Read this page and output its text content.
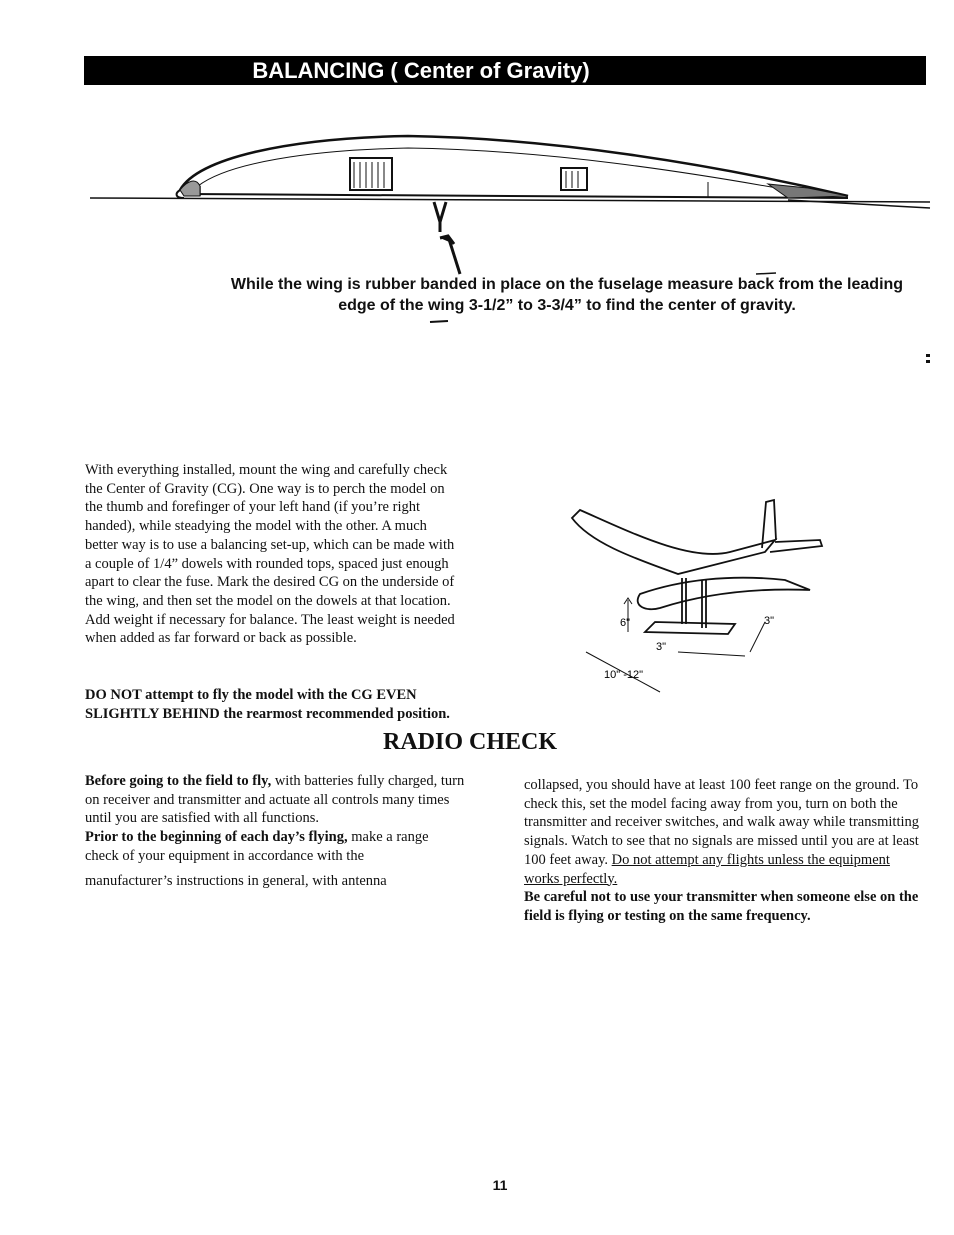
BALANCING ( Center of Gravity)
While the wing is rubber banded in place on the fuselage measure back from the leading edge of the wing 3-1/2” to 3-3/4” to find the center of gravity.
With everything installed, mount the wing and carefully check the Center of Gravity (CG). One way is to perch the model on the thumb and forefinger of your left hand (if you’re right handed), while steadying the model with the other. A much better way is to use a balancing set-up, which can be made with a couple of 1/4” dowels with rounded tops, spaced just enough apart to clear the fuse. Mark the desired CG on the underside of the wing, and then set the model on the dowels at that location. Add weight if necessary for balance. The least weight is needed when added as far forward or back as possible.
DO NOT attempt to fly the model with the CG EVEN SLIGHTLY BEHIND the rearmost recommended position.
6"
3"
3"
10" -12"
RADIO CHECK
Before going to the field to fly, with batteries fully charged, turn on receiver and transmitter and actuate all controls many times until you are satisfied with all functions.
Prior to the beginning of each day’s flying, make a range check of your equipment in accordance with the
manufacturer’s instructions in general, with antenna
collapsed, you should have at least 100 feet range on the ground. To check this, set the model facing away from you, turn on both the transmitter and receiver switches, and walk away while transmitting signals. Watch to see that no signals are missed until you are at least 100 feet away. Do not attempt any flights unless the equipment works perfectly.
Be careful not to use your transmitter when someone else on the field is flying or testing on the same frequency.
11
